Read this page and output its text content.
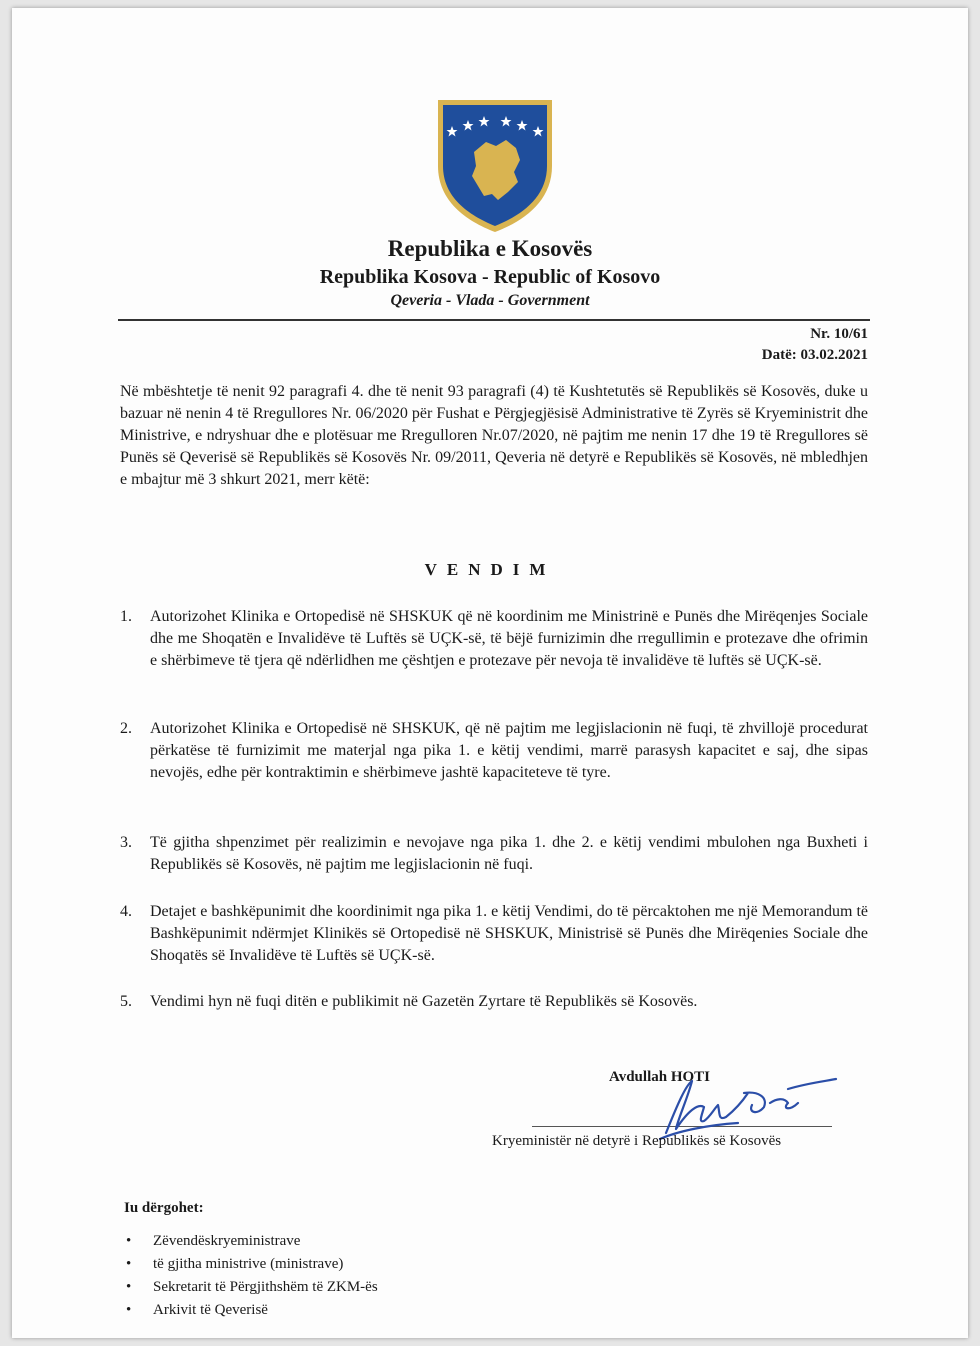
Republika e Kosovës
Republika Kosova - Republic of Kosovo
Qeveria - Vlada - Government
Nr. 10/61
Datë: 03.02.2021
Në mbështetje të nenit 92 paragrafi 4. dhe të nenit 93 paragrafi (4) të Kushtetutës së Republikës së Kosovës, duke u bazuar në nenin 4 të Rregullores Nr. 06/2020 për Fushat e Përgjegjësisë Administrative të Zyrës së Kryeministrit dhe Ministrive, e ndryshuar dhe e plotësuar me Rregulloren Nr.07/2020, në pajtim me nenin 17 dhe 19 të Rregullores së Punës së Qeverisë së Republikës së Kosovës Nr. 09/2011, Qeveria në detyrë e Republikës së Kosovës, në mbledhjen e mbajtur më 3 shkurt 2021, merr këtë:
VENDIM
1.	Autorizohet Klinika e Ortopedisë në SHSKUK që në koordinim me Ministrinë e Punës dhe Mirëqenjes Sociale dhe me Shoqatën e Invalidëve të Luftës së UÇK-së, të bëjë furnizimin dhe rregullimin e protezave dhe ofrimin e shërbimeve të tjera që ndërlidhen me çështjen e protezave për nevoja të invalidëve të luftës së UÇK-së.
2.	Autorizohet Klinika e Ortopedisë në SHSKUK, që në pajtim me legjislacionin në fuqi, të zhvillojë procedurat përkatëse të furnizimit me materjal nga pika 1. e këtij vendimi, marrë parasysh kapacitet e saj, dhe sipas nevojës, edhe për kontraktimin e shërbimeve jashtë kapaciteteve të tyre.
3.	Të gjitha shpenzimet për realizimin e nevojave nga pika 1. dhe 2. e këtij vendimi mbulohen nga Buxheti i Republikës së Kosovës, në pajtim me legjislacionin në fuqi.
4.	Detajet e bashkëpunimit dhe koordinimit nga pika 1. e këtij Vendimi, do të përcaktohen me një Memorandum të Bashkëpunimit ndërmjet Klinikës së Ortopedisë në SHSKUK, Ministrisë së Punës dhe Mirëqenies Sociale dhe Shoqatës së Invalidëve të Luftës së UÇK-së.
5.	Vendimi hyn në fuqi ditën e publikimit në Gazetën Zyrtare të Republikës së Kosovës.
Avdullah HOTI
Kryeministër në detyrë i Republikës së Kosovës
Iu dërgohet:
• Zëvendëskryeministrave
• të gjitha ministrive (ministrave)
• Sekretarit të Përgjithshëm të ZKM-ës
• Arkivit të Qeverisë
